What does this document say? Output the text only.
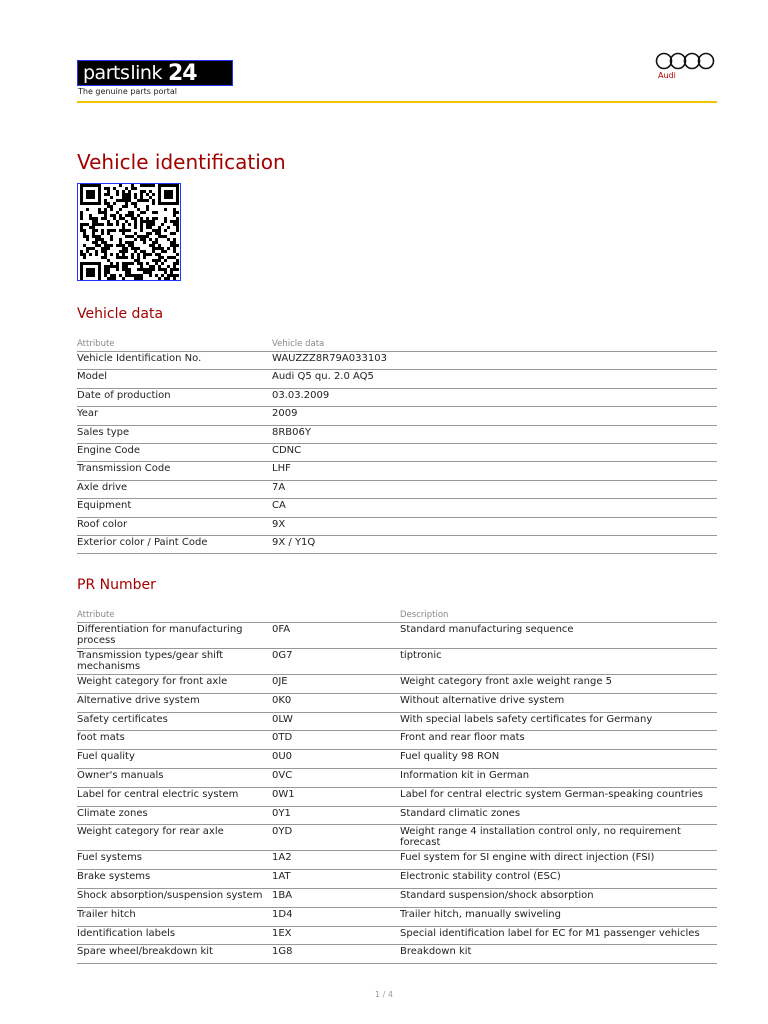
parts link 24
The genuine parts portal
Audi
Vehicle identification
Vehicle data
Attribute	Vehicle data
Vehicle Identification No.	WAUZZZ8R79A033103
Model	Audi Q5 qu. 2.0 AQ5
Date of production	03.03.2009
Year	2009
Sales type	8RB06Y
Engine Code	CDNC
Transmission Code	LHF
Axle drive	7A
Equipment	CA
Roof color	9X
Exterior color / Paint Code	9X / Y1Q
PR Number
Attribute		Description
Differentiation for manufacturing process	0FA	Standard manufacturing sequence
Transmission types/gear shift mechanisms	0G7	tiptronic
Weight category for front axle	0JE	Weight category front axle weight range 5
Alternative drive system	0K0	Without alternative drive system
Safety certificates	0LW	With special labels safety certificates for Germany
foot mats	0TD	Front and rear floor mats
Fuel quality	0U0	Fuel quality 98 RON
Owner's manuals	0VC	Information kit in German
Label for central electric system	0W1	Label for central electric system German-speaking countries
Climate zones	0Y1	Standard climatic zones
Weight category for rear axle	0YD	Weight range 4 installation control only, no requirement forecast
Fuel systems	1A2	Fuel system for SI engine with direct injection (FSI)
Brake systems	1AT	Electronic stability control (ESC)
Shock absorption/suspension system	1BA	Standard suspension/shock absorption
Trailer hitch	1D4	Trailer hitch, manually swiveling
Identification labels	1EX	Special identification label for EC for M1 passenger vehicles
Spare wheel/breakdown kit	1G8	Breakdown kit
1 / 4
